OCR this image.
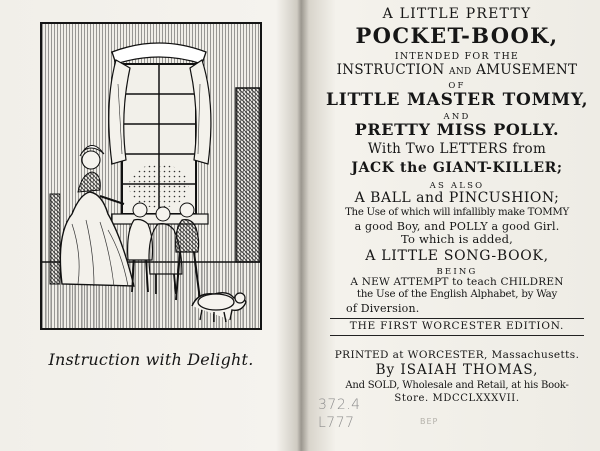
Instruction with Delight.
A LITTLE PRETTY
POCKET-BOOK,
INTENDED FOR THE
INSTRUCTION and AMUSEMENT
OF
LITTLE MASTER TOMMY,
AND
PRETTY MISS POLLY.
With Two LETTERS from
JACK the GIANT-KILLER;
AS ALSO
A BALL and PINCUSHION;
The Use of which will infallibly make TOMMY
a good Boy, and POLLY a good Girl.
To which is added,
A LITTLE SONG-BOOK,
BEING
A NEW ATTEMPT to teach CHILDREN
the Use of the English Alphabet, by Way
of Diversion.
THE FIRST WORCESTER EDITION.
PRINTED at WORCESTER, Massachusetts.
By ISAIAH THOMAS,
And SOLD, Wholesale and Retail, at his Book-
Store. MDCCLXXXVII.
372.4
L777	BEP
